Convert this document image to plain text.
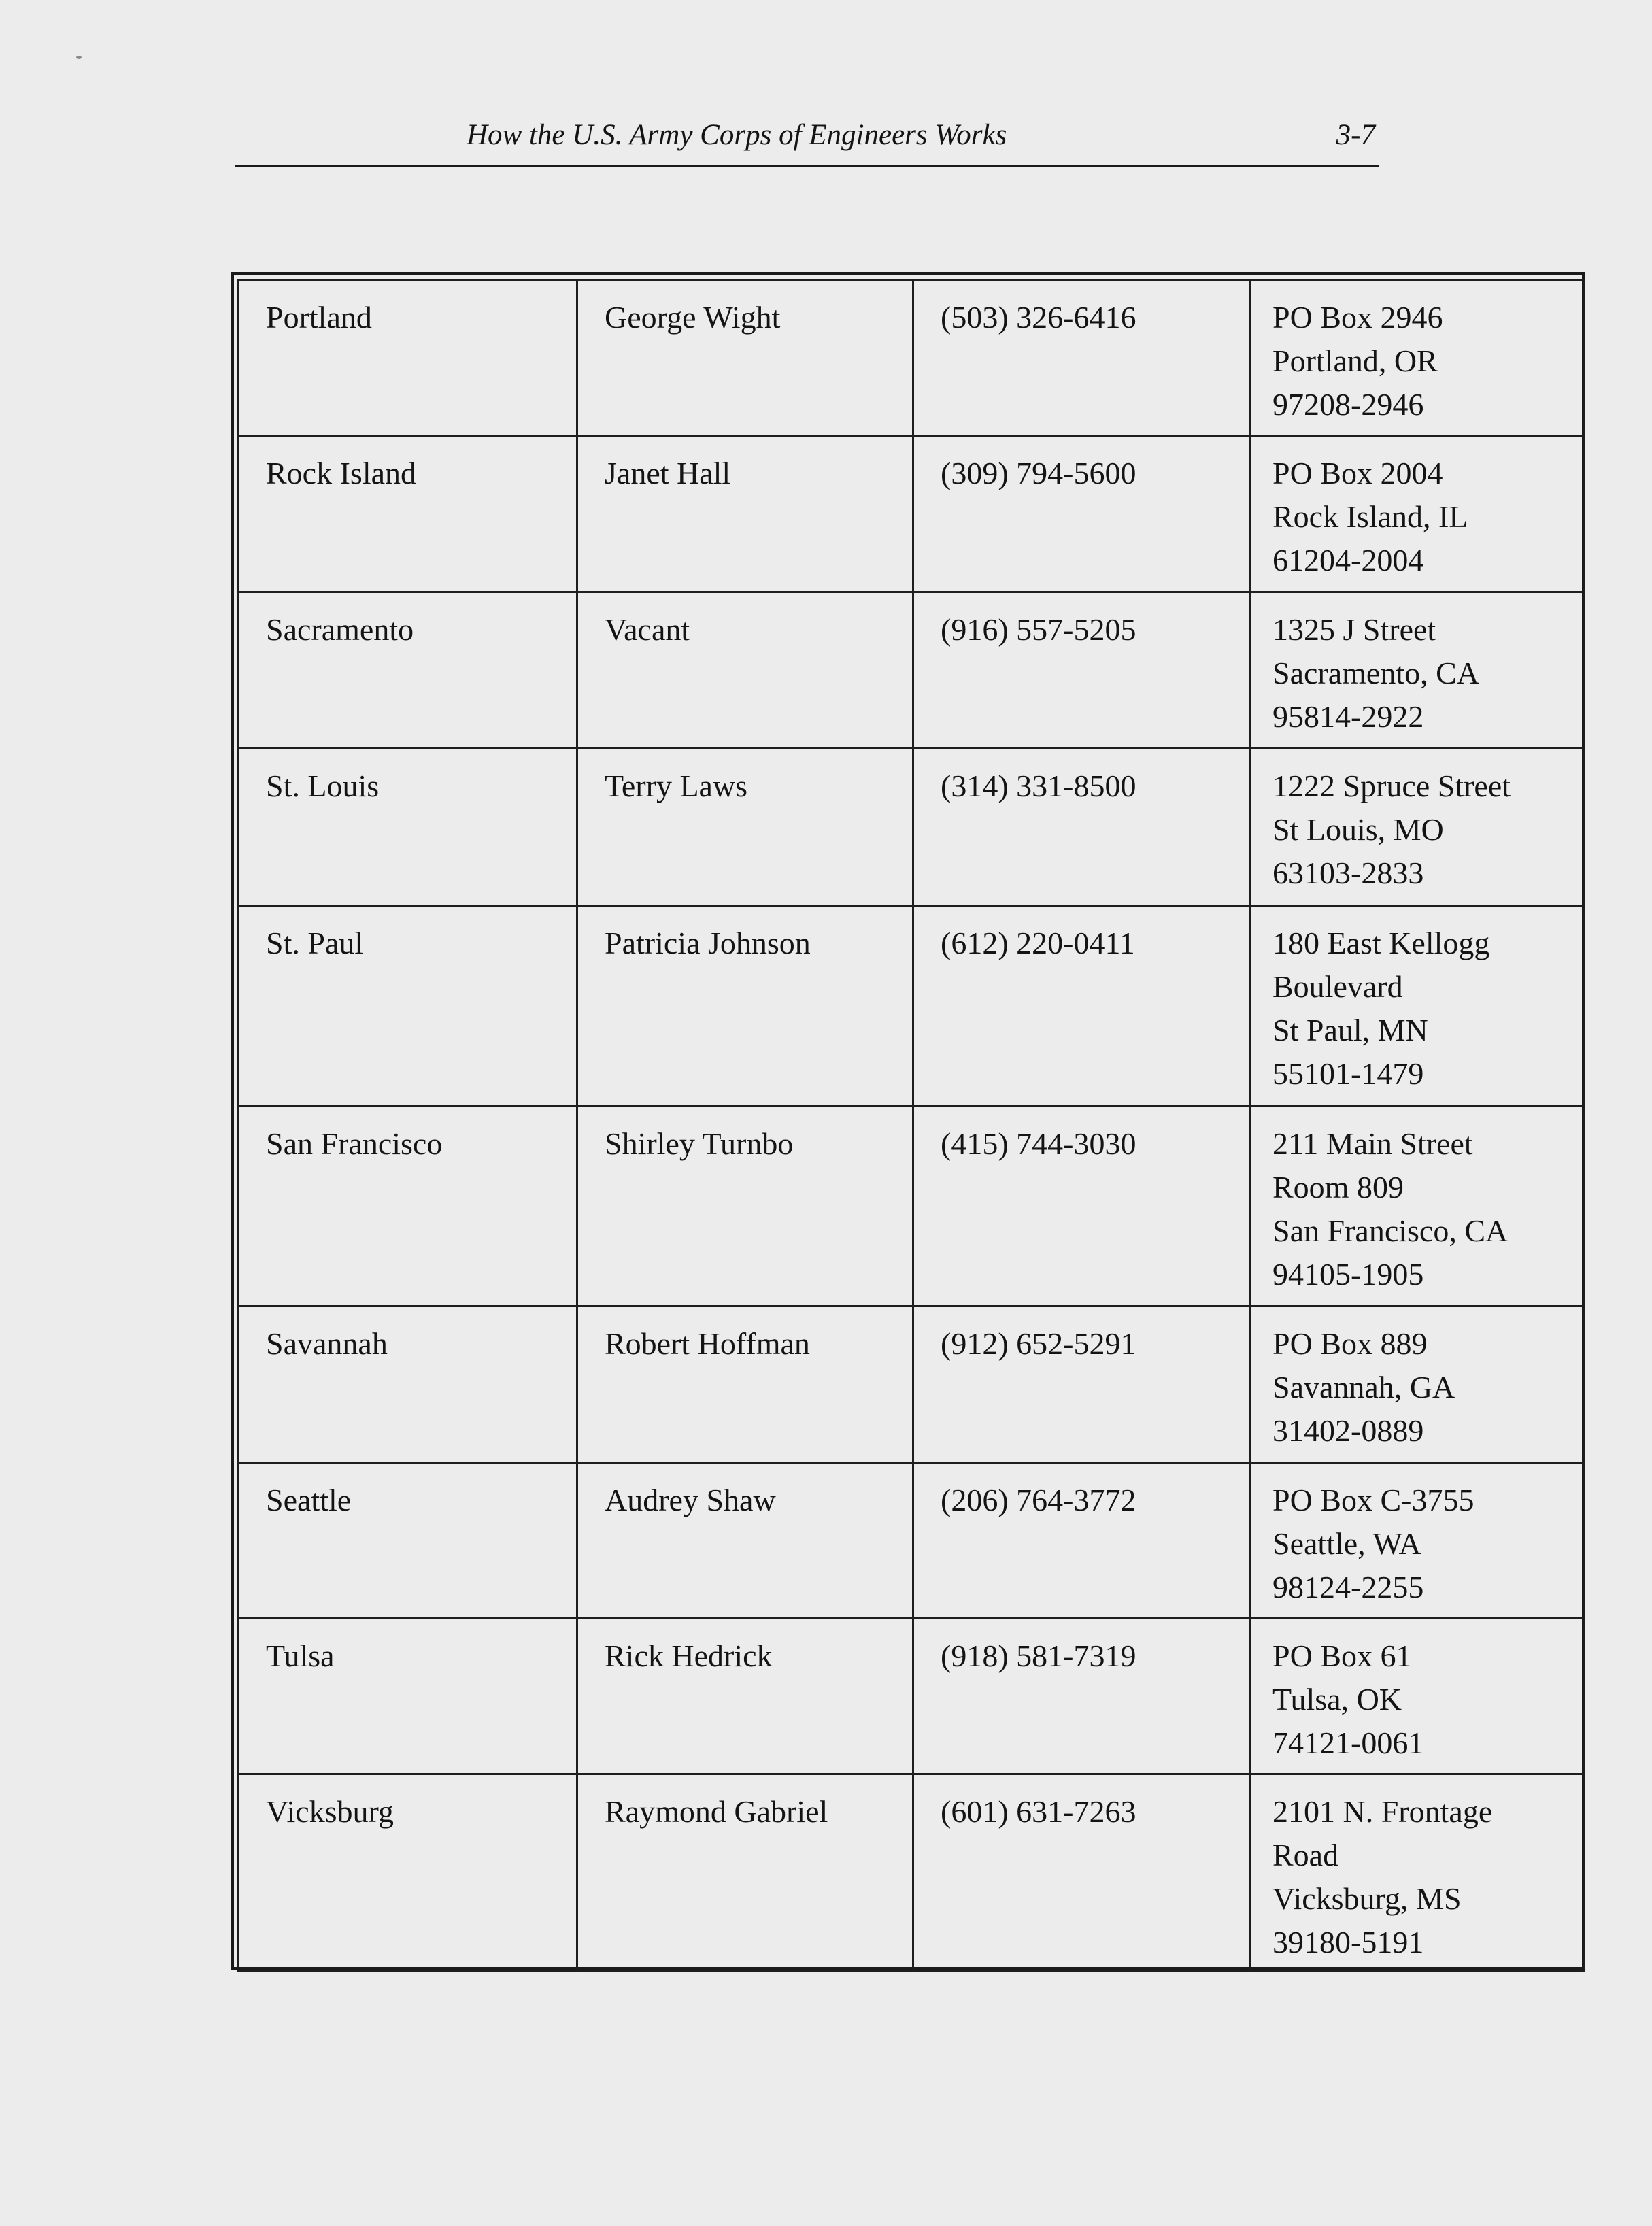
How the U.S. Army Corps of Engineers Works	3-7
Portland	George Wight	(503) 326-6416	PO Box 2946
Portland, OR
97208-2946

Rock Island	Janet Hall	(309) 794-5600	PO Box 2004
Rock Island, IL
61204-2004

Sacramento	Vacant	(916) 557-5205	1325 J Street
Sacramento, CA
95814-2922

St. Louis	Terry Laws	(314) 331-8500	1222 Spruce Street
St Louis, MO
63103-2833

St. Paul	Patricia Johnson	(612) 220-0411	180 East Kellogg
Boulevard
St Paul, MN
55101-1479

San Francisco	Shirley Turnbo	(415) 744-3030	211 Main Street
Room 809
San Francisco, CA
94105-1905

Savannah	Robert Hoffman	(912) 652-5291	PO Box 889
Savannah, GA
31402-0889

Seattle	Audrey Shaw	(206) 764-3772	PO Box C-3755
Seattle, WA
98124-2255

Tulsa	Rick Hedrick	(918) 581-7319	PO Box 61
Tulsa, OK
74121-0061

Vicksburg	Raymond Gabriel	(601) 631-7263	2101 N. Frontage
Road
Vicksburg, MS
39180-5191
